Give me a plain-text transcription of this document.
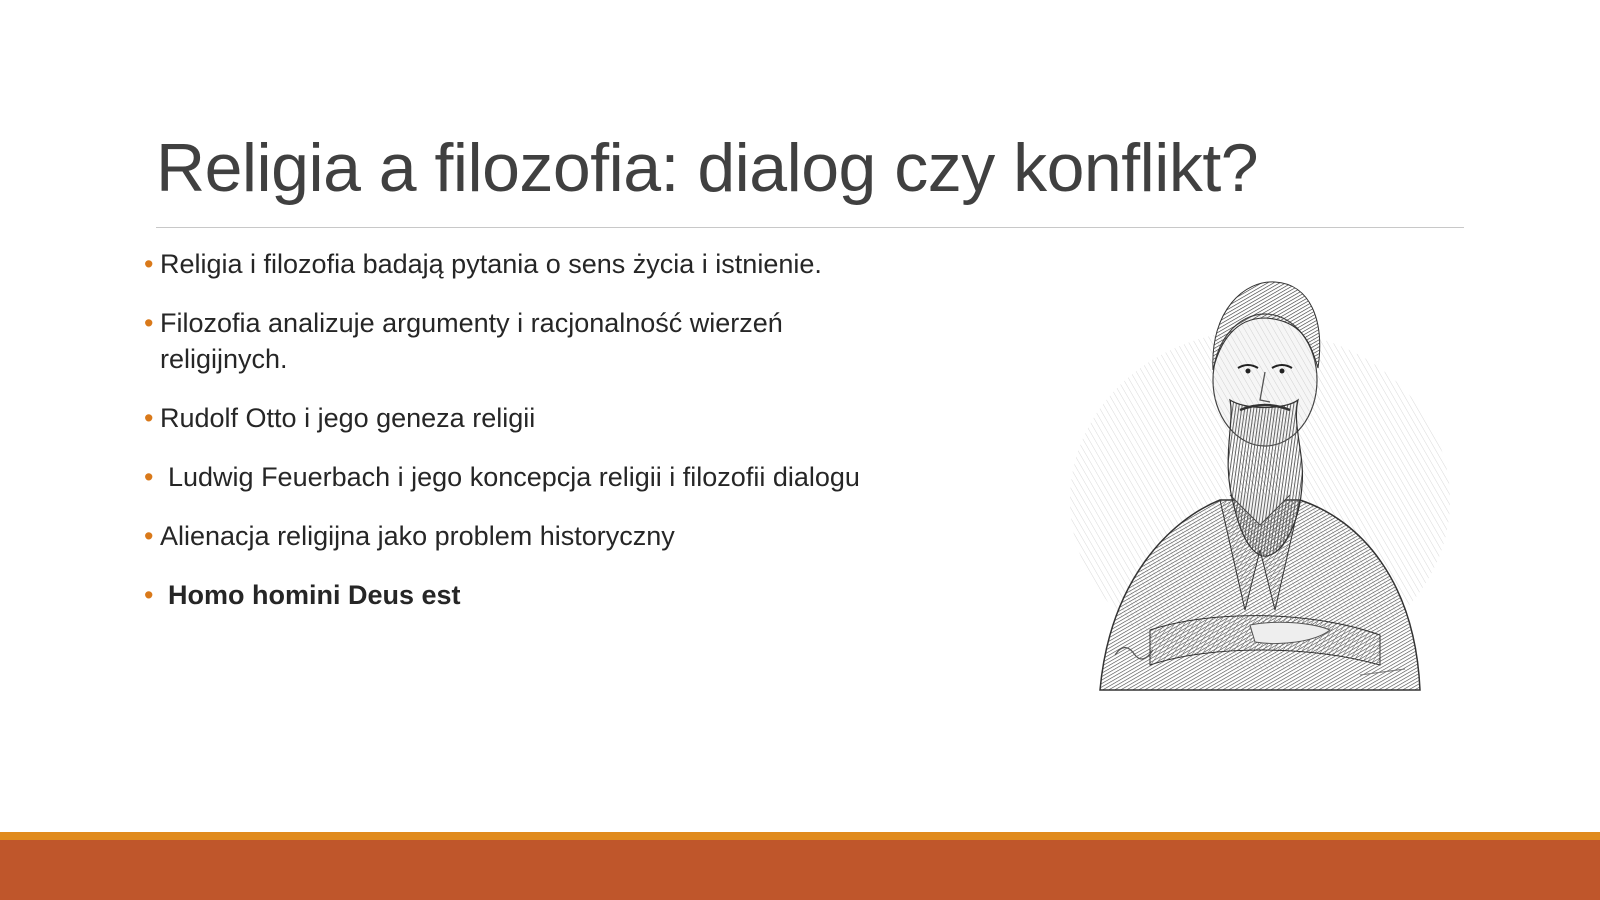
Religia a filozofia: dialog czy konflikt?
• Religia i filozofia badają pytania o sens życia i istnienie.
• Filozofia analizuje argumenty i racjonalność wierzeń religijnych.
• Rudolf Otto i jego geneza religii
• Ludwig Feuerbach i jego koncepcja religii i filozofii dialogu
• Alienacja religijna jako problem historyczny
• Homo homini Deus est
